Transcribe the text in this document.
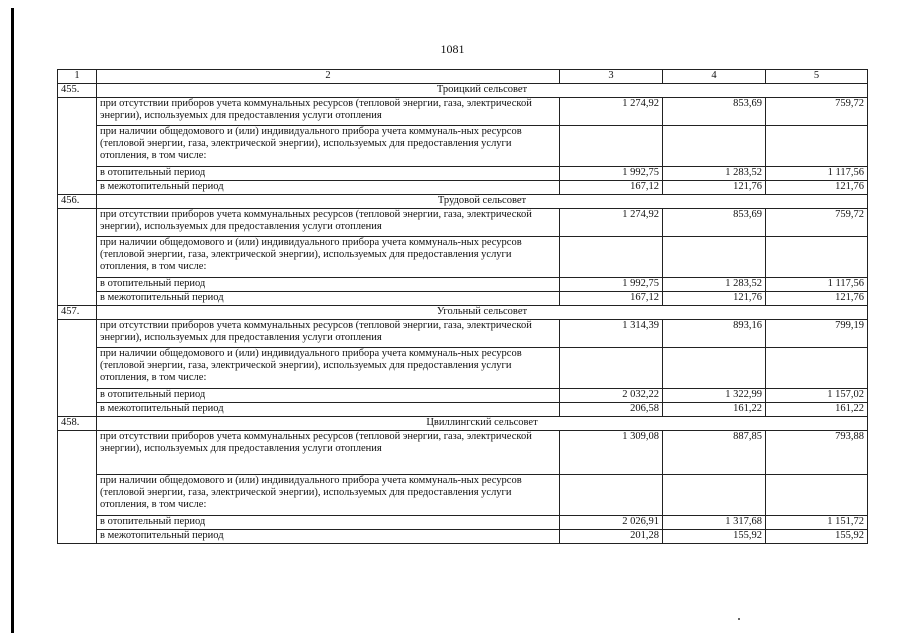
1081
1	2	3	4	5
455.	Троицкий сельсовет			
	при отсутствии приборов учета коммунальных ресурсов (тепловой энергии, газа, электрической энергии), используемых для предоставления услуги отопления	1 274,92	853,69	759,72
	при наличии общедомового и (или) индивидуального прибора учета коммуналь-ных ресурсов (тепловой энергии, газа, электрической энергии), используемых для предоставления услуги отопления, в том числе:			
	в отопительный период	1 992,75	1 283,52	1 117,56
	в межотопительный период	167,12	121,76	121,76
456.	Трудовой сельсовет			
	при отсутствии приборов учета коммунальных ресурсов (тепловой энергии, газа, электрической энергии), используемых для предоставления услуги отопления	1 274,92	853,69	759,72
	при наличии общедомового и (или) индивидуального прибора учета коммуналь-ных ресурсов (тепловой энергии, газа, электрической энергии), используемых для предоставления услуги отопления, в том числе:			
	в отопительный период	1 992,75	1 283,52	1 117,56
	в межотопительный период	167,12	121,76	121,76
457.	Угольный сельсовет			
	при отсутствии приборов учета коммунальных ресурсов (тепловой энергии, газа, электрической энергии), используемых для предоставления услуги отопления	1 314,39	893,16	799,19
	при наличии общедомового и (или) индивидуального прибора учета коммуналь-ных ресурсов (тепловой энергии, газа, электрической энергии), используемых для предоставления услуги отопления, в том числе:			
	в отопительный период	2 032,22	1 322,99	1 157,02
	в межотопительный период	206,58	161,22	161,22
458.	Цвиллингский сельсовет			
	при отсутствии приборов учета коммунальных ресурсов (тепловой энергии, газа, электрической энергии), используемых для предоставления услуги отопления	1 309,08	887,85	793,88
	при наличии общедомового и (или) индивидуального прибора учета коммуналь-ных ресурсов (тепловой энергии, газа, электрической энергии), используемых для предоставления услуги отопления, в том числе:			
	в отопительный период	2 026,91	1 317,68	1 151,72
	в межотопительный период	201,28	155,92	155,92
